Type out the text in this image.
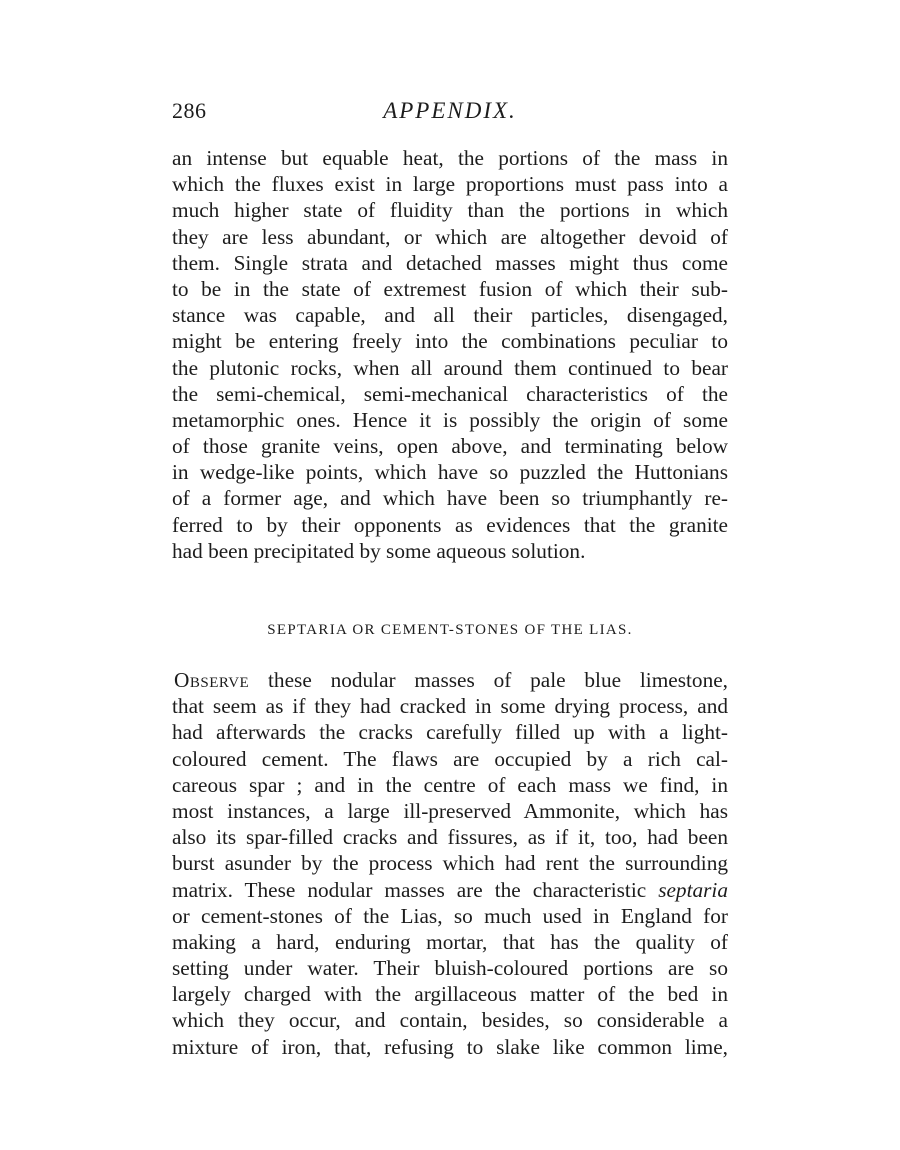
286	APPENDIX.
an intense but equable heat, the portions of the mass in
which the fluxes exist in large proportions must pass into a
much higher state of fluidity than the portions in which
they are less abundant, or which are altogether devoid of
them. Single strata and detached masses might thus come
to be in the state of extremest fusion of which their sub-
stance was capable, and all their particles, disengaged,
might be entering freely into the combinations peculiar to
the plutonic rocks, when all around them continued to bear
the semi-chemical, semi-mechanical characteristics of the
metamorphic ones. Hence it is possibly the origin of some
of those granite veins, open above, and terminating below
in wedge-like points, which have so puzzled the Huttonians
of a former age, and which have been so triumphantly re-
ferred to by their opponents as evidences that the granite
had been precipitated by some aqueous solution.
SEPTARIA OR CEMENT-STONES OF THE LIAS.
Observe these nodular masses of pale blue limestone,
that seem as if they had cracked in some drying process, and
had afterwards the cracks carefully filled up with a light-
coloured cement. The flaws are occupied by a rich cal-
careous spar ; and in the centre of each mass we find, in
most instances, a large ill-preserved Ammonite, which has
also its spar-filled cracks and fissures, as if it, too, had been
burst asunder by the process which had rent the surrounding
matrix. These nodular masses are the characteristic septaria
or cement-stones of the Lias, so much used in England for
making a hard, enduring mortar, that has the quality of
setting under water. Their bluish-coloured portions are so
largely charged with the argillaceous matter of the bed in
which they occur, and contain, besides, so considerable a
mixture of iron, that, refusing to slake like common lime,
